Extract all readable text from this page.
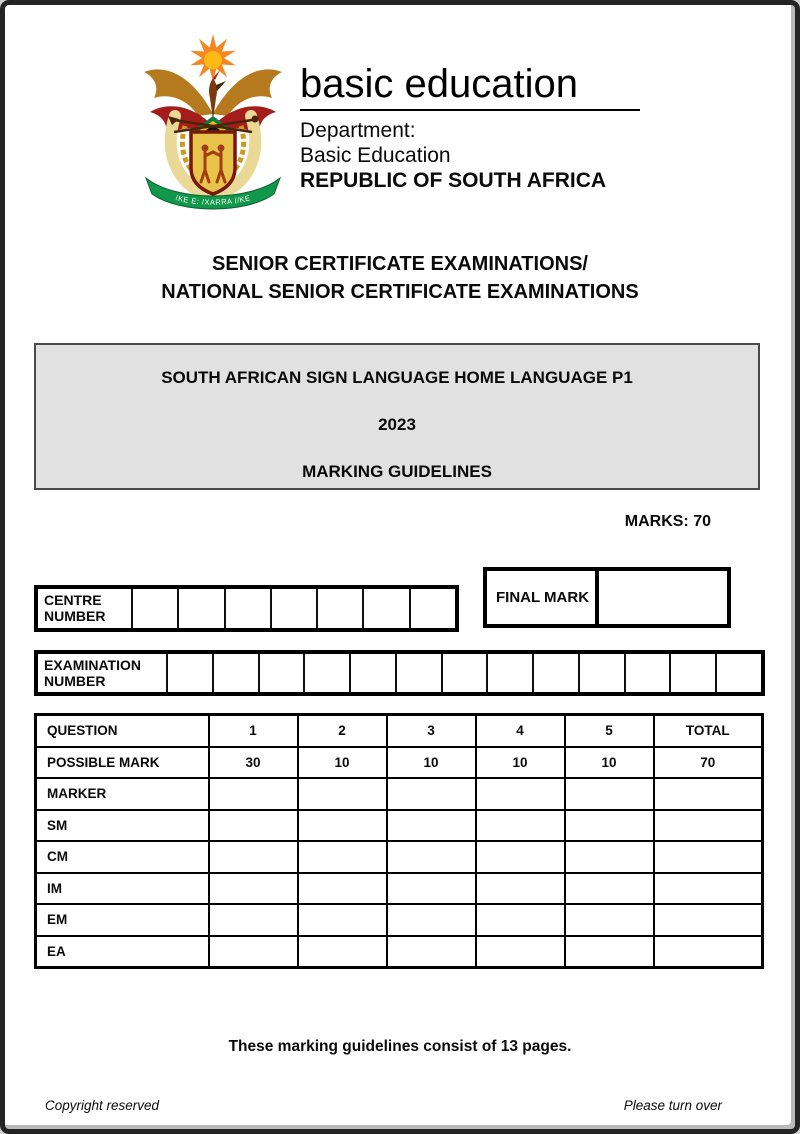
!KE E: /XARRA //KE
basic education
Department:
Basic Education
REPUBLIC OF SOUTH AFRICA
SENIOR CERTIFICATE EXAMINATIONS/
NATIONAL SENIOR CERTIFICATE EXAMINATIONS
SOUTH AFRICAN SIGN LANGUAGE HOME LANGUAGE P1
2023
MARKING GUIDELINES
MARKS: 70
FINAL MARK
CENTRE
NUMBER
EXAMINATION
NUMBER
QUESTION	1	2	3	4	5	TOTAL
POSSIBLE MARK	30	10	10	10	10	70
MARKER						
SM						
CM						
IM						
EM						
EA						
These marking guidelines consist of 13 pages.
Copyright reserved	Please turn over
